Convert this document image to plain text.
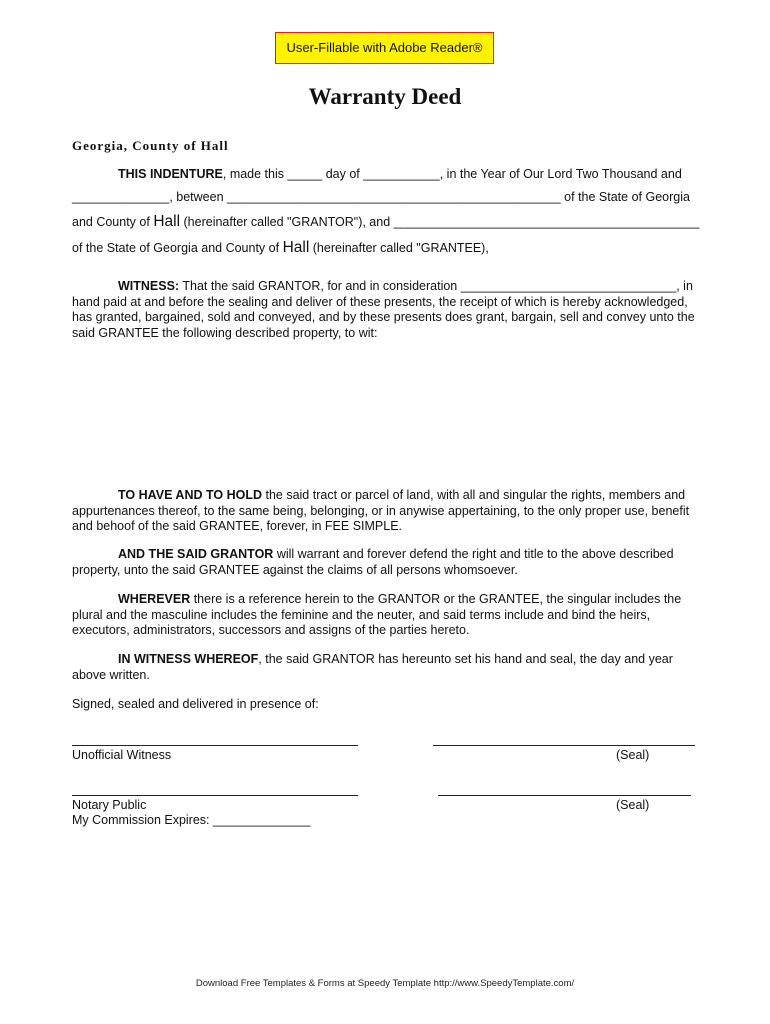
User-Fillable with Adobe Reader®
Warranty Deed
Georgia, County of Hall
THIS INDENTURE, made this _____ day of ___________, in the Year of Our Lord Two Thousand and
______________, between ________________________________________________ of the State of Georgia
and County of Hall (hereinafter called "GRANTOR"), and ____________________________________________
of the State of Georgia and County of Hall (hereinafter called "GRANTEE),
WITNESS: That the said GRANTOR, for and in consideration _______________________________, in hand paid at and before the sealing and deliver of these presents, the receipt of which is hereby acknowledged, has granted, bargained, sold and conveyed, and by these presents does grant, bargain, sell and convey unto the said GRANTEE the following described property, to wit:
TO HAVE AND TO HOLD the said tract or parcel of land, with all and singular the rights, members and appurtenances thereof, to the same being, belonging, or in anywise appertaining, to the only proper use, benefit and behoof of the said GRANTEE, forever, in FEE SIMPLE.
AND THE SAID GRANTOR will warrant and forever defend the right and title to the above described property, unto the said GRANTEE against the claims of all persons whomsoever.
WHEREVER there is a reference herein to the GRANTOR or the GRANTEE, the singular includes the plural and the masculine includes the feminine and the neuter, and said terms include and bind the heirs, executors, administrators, successors and assigns of the parties hereto.
IN WITNESS WHEREOF, the said GRANTOR has hereunto set his hand and seal, the day and year above written.
Signed, sealed and delivered in presence of:
Unofficial Witness	(Seal)
Notary Public	(Seal)
My Commission Expires: ______________
Download Free Templates & Forms at Speedy Template http://www.SpeedyTemplate.com/
